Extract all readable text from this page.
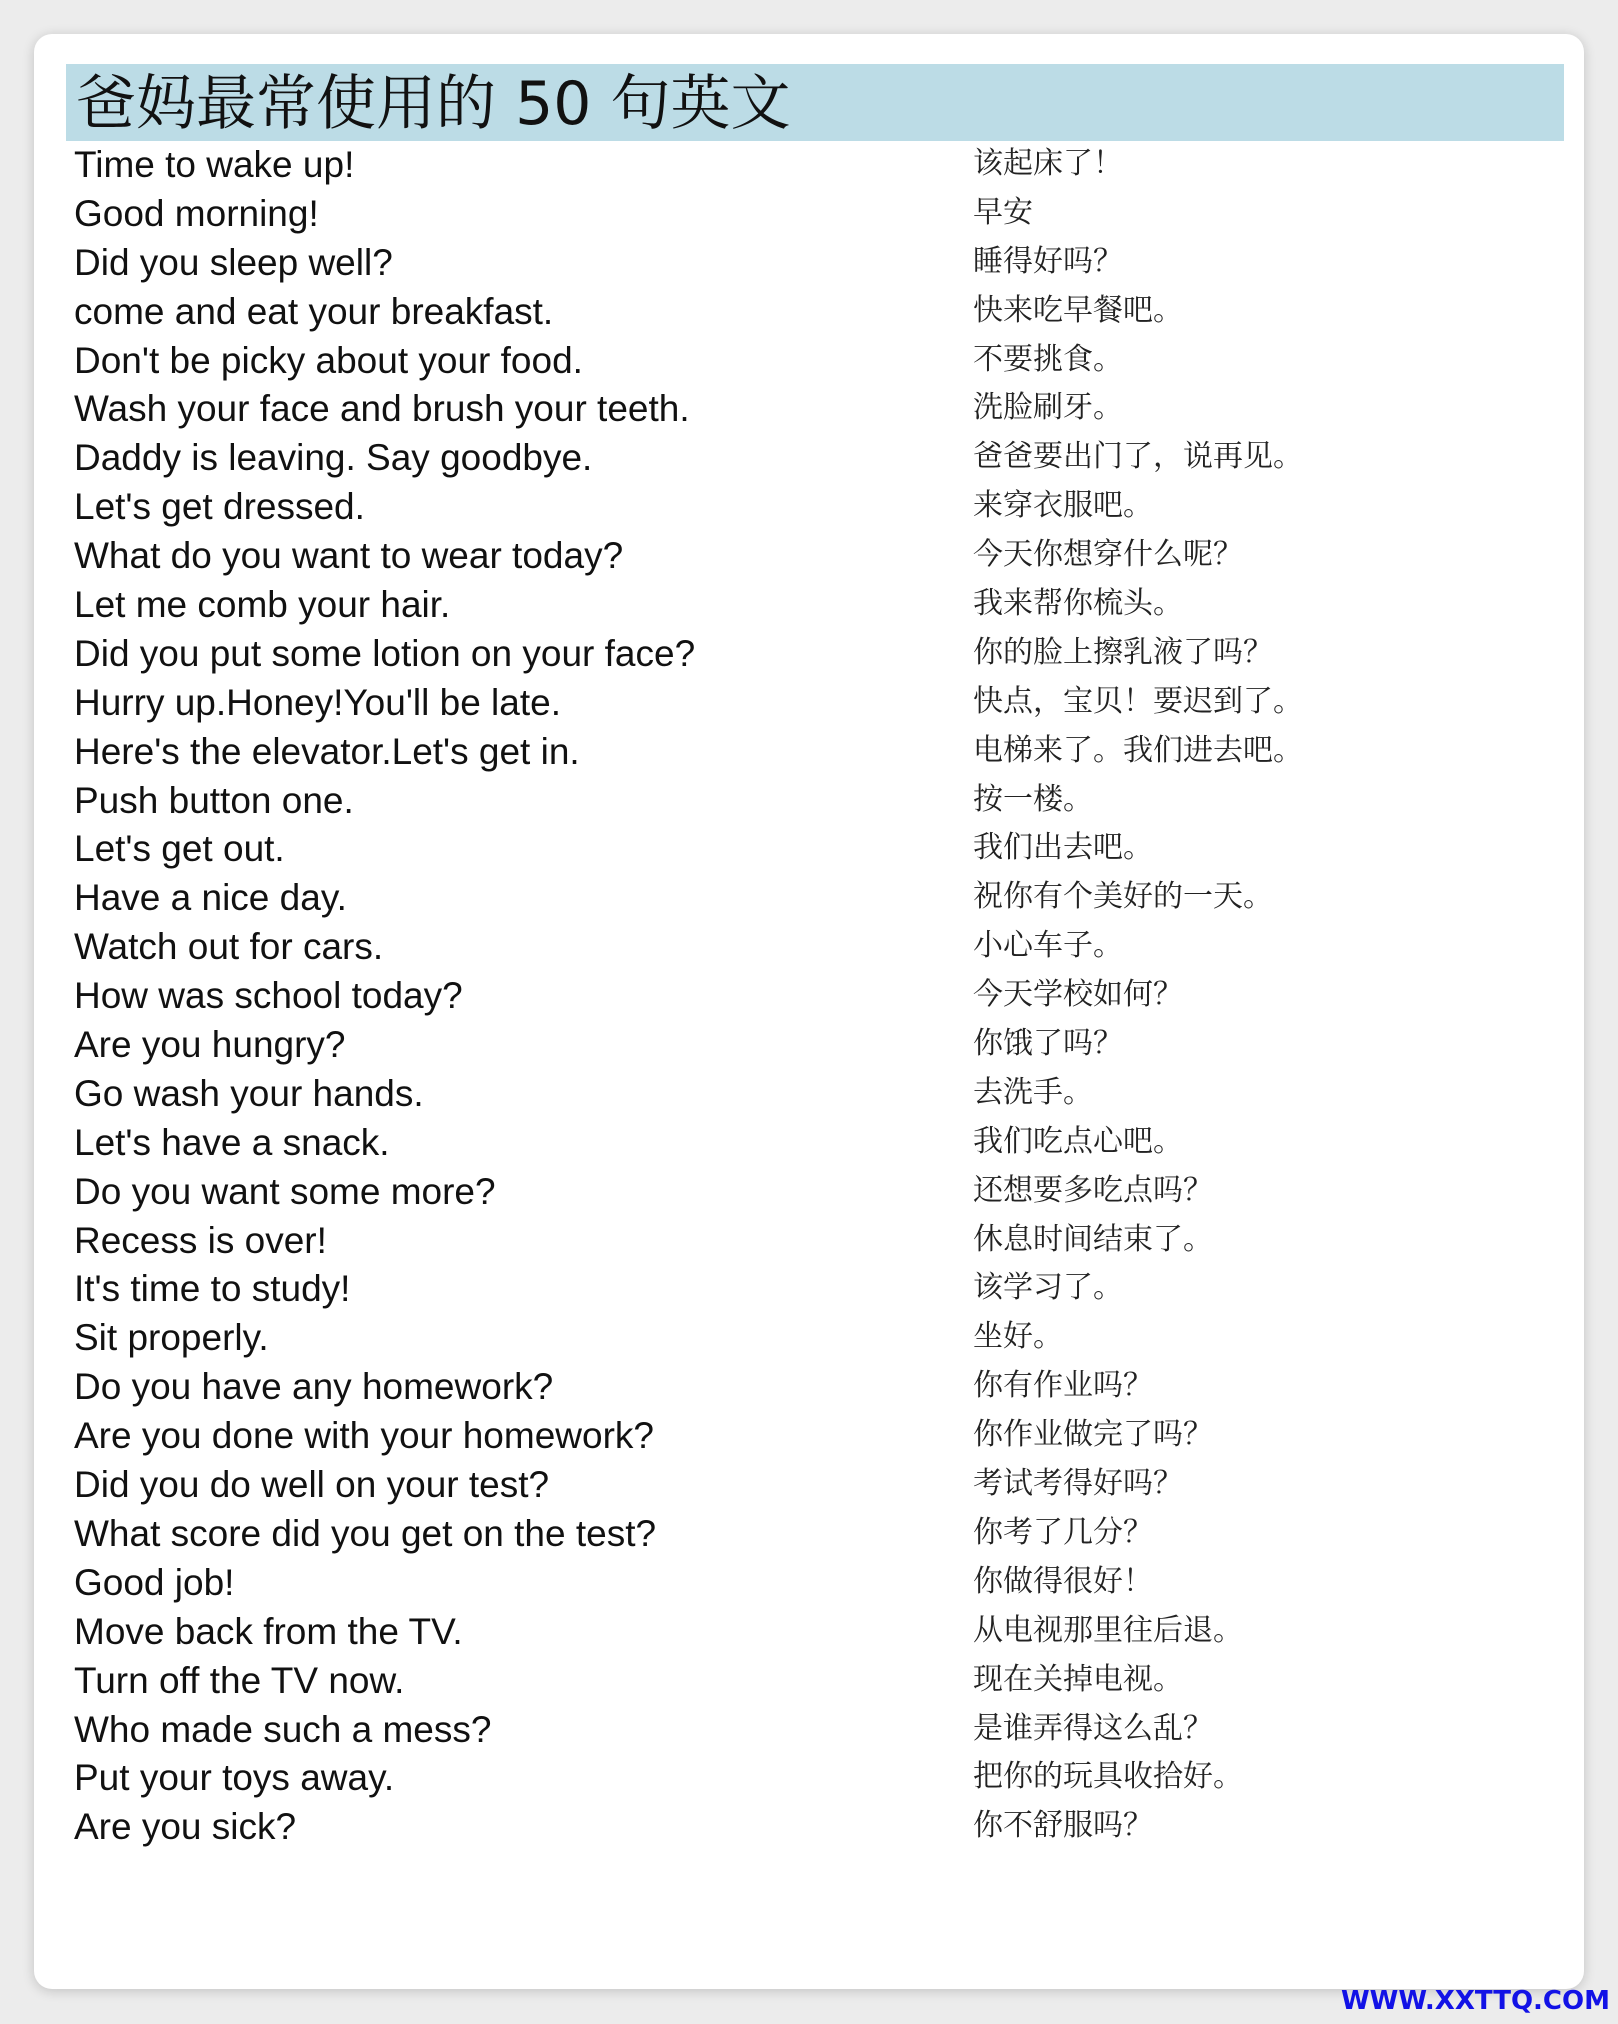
爸妈最常使用的 50 句英文
Time to wake up!	该起床了！
Good morning!	早安
Did you sleep well?	睡得好吗？
come and eat your breakfast.	快来吃早餐吧。
Don't be picky about your food.	不要挑食。
Wash your face and brush your teeth.	洗脸刷牙。
Daddy is leaving. Say goodbye.	爸爸要出门了，说再见。
Let's get dressed.	来穿衣服吧。
What do you want to wear today?	今天你想穿什么呢？
Let me comb your hair.	我来帮你梳头。
Did you put some lotion on your face?	你的脸上擦乳液了吗？
Hurry up.Honey!You'll be late.	快点，宝贝！要迟到了。
Here's the elevator.Let's get in.	电梯来了。我们进去吧。
Push button one.	按一楼。
Let's get out.	我们出去吧。
Have a nice day.	祝你有个美好的一天。
Watch out for cars.	小心车子。
How was school today?	今天学校如何？
Are you hungry?	你饿了吗？
Go wash your hands.	去洗手。
Let's have a snack.	我们吃点心吧。
Do you want some more?	还想要多吃点吗？
Recess is over!	休息时间结束了。
It's time to study!	该学习了。
Sit properly.	坐好。
Do you have any homework?	你有作业吗？
Are you done with your homework?	你作业做完了吗？
Did you do well on your test?	考试考得好吗？
What score did you get on the test?	你考了几分？
Good job!	你做得很好！
Move back from the TV.	从电视那里往后退。
Turn off the TV now.	现在关掉电视。
Who made such a mess?	是谁弄得这么乱？
Put your toys away.	把你的玩具收拾好。
Are you sick?	你不舒服吗？
WWW.XXTTQ.COM
